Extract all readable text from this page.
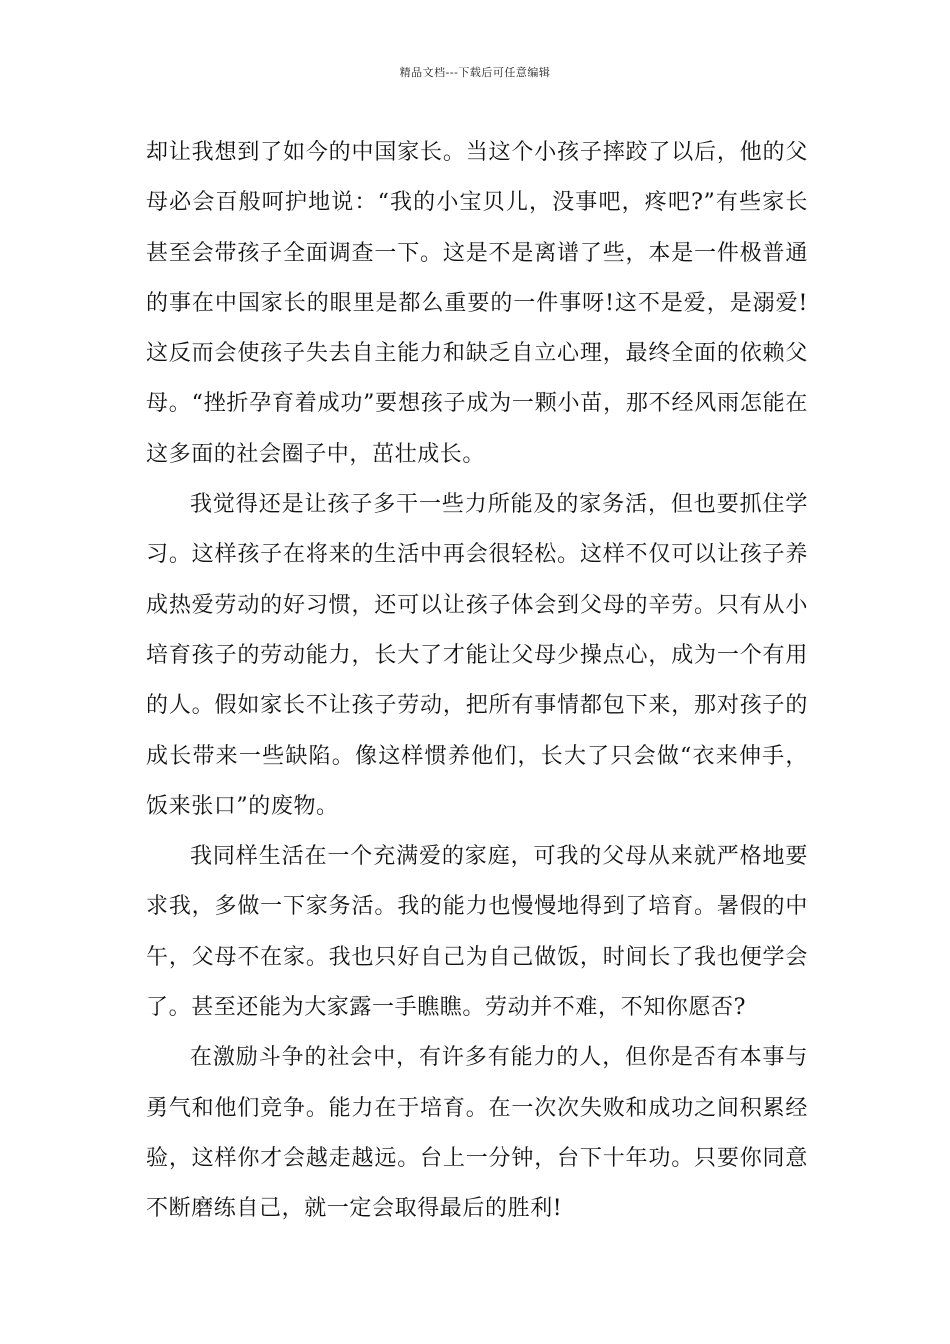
精品文档---下载后可任意编辑

却让我想到了如今的中国家长。当这个小孩子摔跤了以后，他的父母必会百般呵护地说：“我的小宝贝儿，没事吧，疼吧?”有些家长甚至会带孩子全面调查一下。这是不是离谱了些，本是一件极普通的事在中国家长的眼里是都么重要的一件事呀!这不是爱，是溺爱!这反而会使孩子失去自主能力和缺乏自立心理，最终全面的依赖父母。“挫折孕育着成功”要想孩子成为一颗小苗，那不经风雨怎能在这多面的社会圈子中，茁壮成长。

我觉得还是让孩子多干一些力所能及的家务活，但也要抓住学习。这样孩子在将来的生活中再会很轻松。这样不仅可以让孩子养成热爱劳动的好习惯，还可以让孩子体会到父母的辛劳。只有从小培育孩子的劳动能力，长大了才能让父母少操点心，成为一个有用的人。假如家长不让孩子劳动，把所有事情都包下来，那对孩子的成长带来一些缺陷。像这样惯养他们，长大了只会做“衣来伸手，饭来张口”的废物。

我同样生活在一个充满爱的家庭，可我的父母从来就严格地要求我，多做一下家务活。我的能力也慢慢地得到了培育。暑假的中午，父母不在家。我也只好自己为自己做饭，时间长了我也便学会了。甚至还能为大家露一手瞧瞧。劳动并不难，不知你愿否?

在激励斗争的社会中，有许多有能力的人，但你是否有本事与勇气和他们竞争。能力在于培育。在一次次失败和成功之间积累经验，这样你才会越走越远。台上一分钟，台下十年功。只要你同意不断磨练自己，就一定会取得最后的胜利!
